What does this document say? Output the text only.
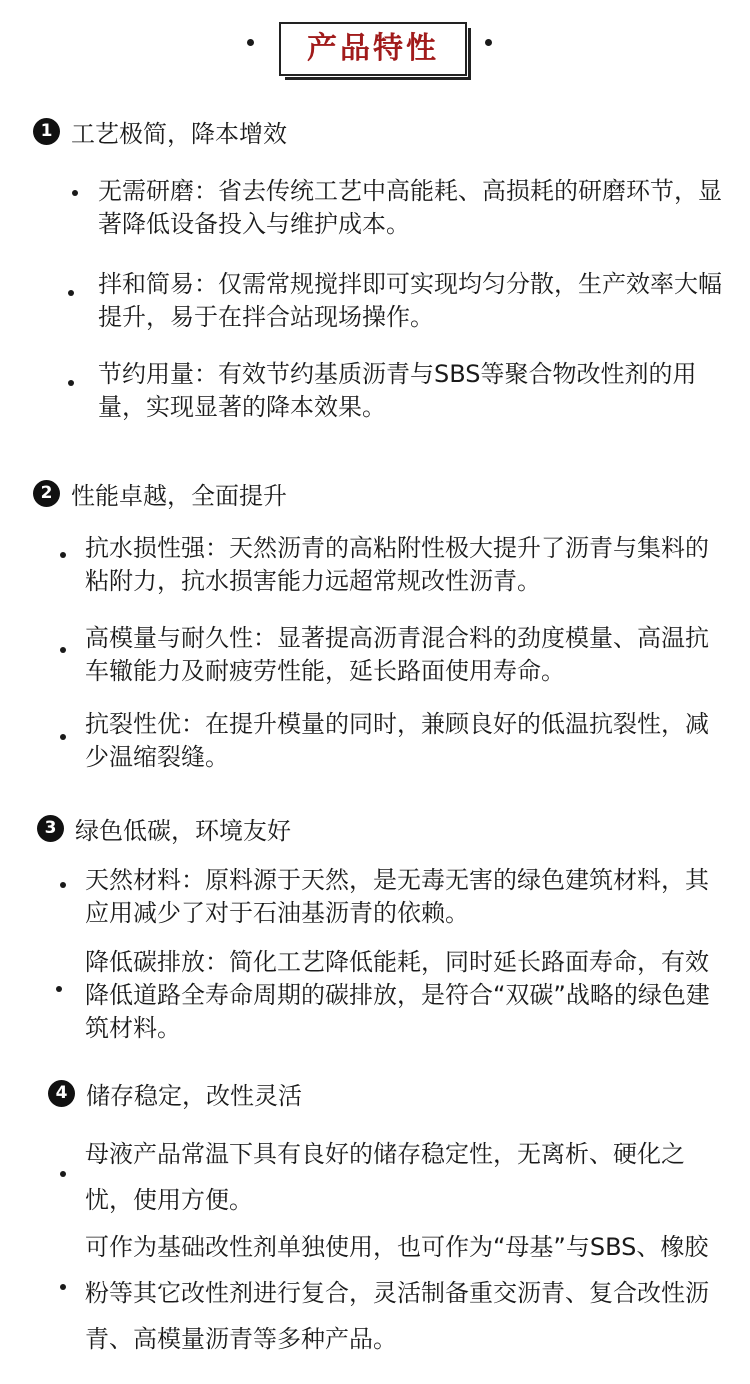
产品特性
1 工艺极简，降本增效
无需研磨：省去传统工艺中高能耗、高损耗的研磨环节，显著降低设备投入与维护成本。
拌和简易：仅需常规搅拌即可实现均匀分散，生产效率大幅提升，易于在拌合站现场操作。
节约用量：有效节约基质沥青与SBS等聚合物改性剂的用量，实现显著的降本效果。
2 性能卓越，全面提升
抗水损性强：天然沥青的高粘附性极大提升了沥青与集料的粘附力，抗水损害能力远超常规改性沥青。
高模量与耐久性：显著提高沥青混合料的劲度模量、高温抗车辙能力及耐疲劳性能，延长路面使用寿命。
抗裂性优：在提升模量的同时，兼顾良好的低温抗裂性，减少温缩裂缝。
3 绿色低碳，环境友好
天然材料：原料源于天然，是无毒无害的绿色建筑材料，其应用减少了对于石油基沥青的依赖。
降低碳排放：简化工艺降低能耗，同时延长路面寿命，有效降低道路全寿命周期的碳排放，是符合“双碳”战略的绿色建筑材料。
4 储存稳定，改性灵活
母液产品常温下具有良好的储存稳定性，无离析、硬化之忧，使用方便。
可作为基础改性剂单独使用，也可作为“母基”与SBS、橡胶粉等其它改性剂进行复合，灵活制备重交沥青、复合改性沥青、高模量沥青等多种产品。
